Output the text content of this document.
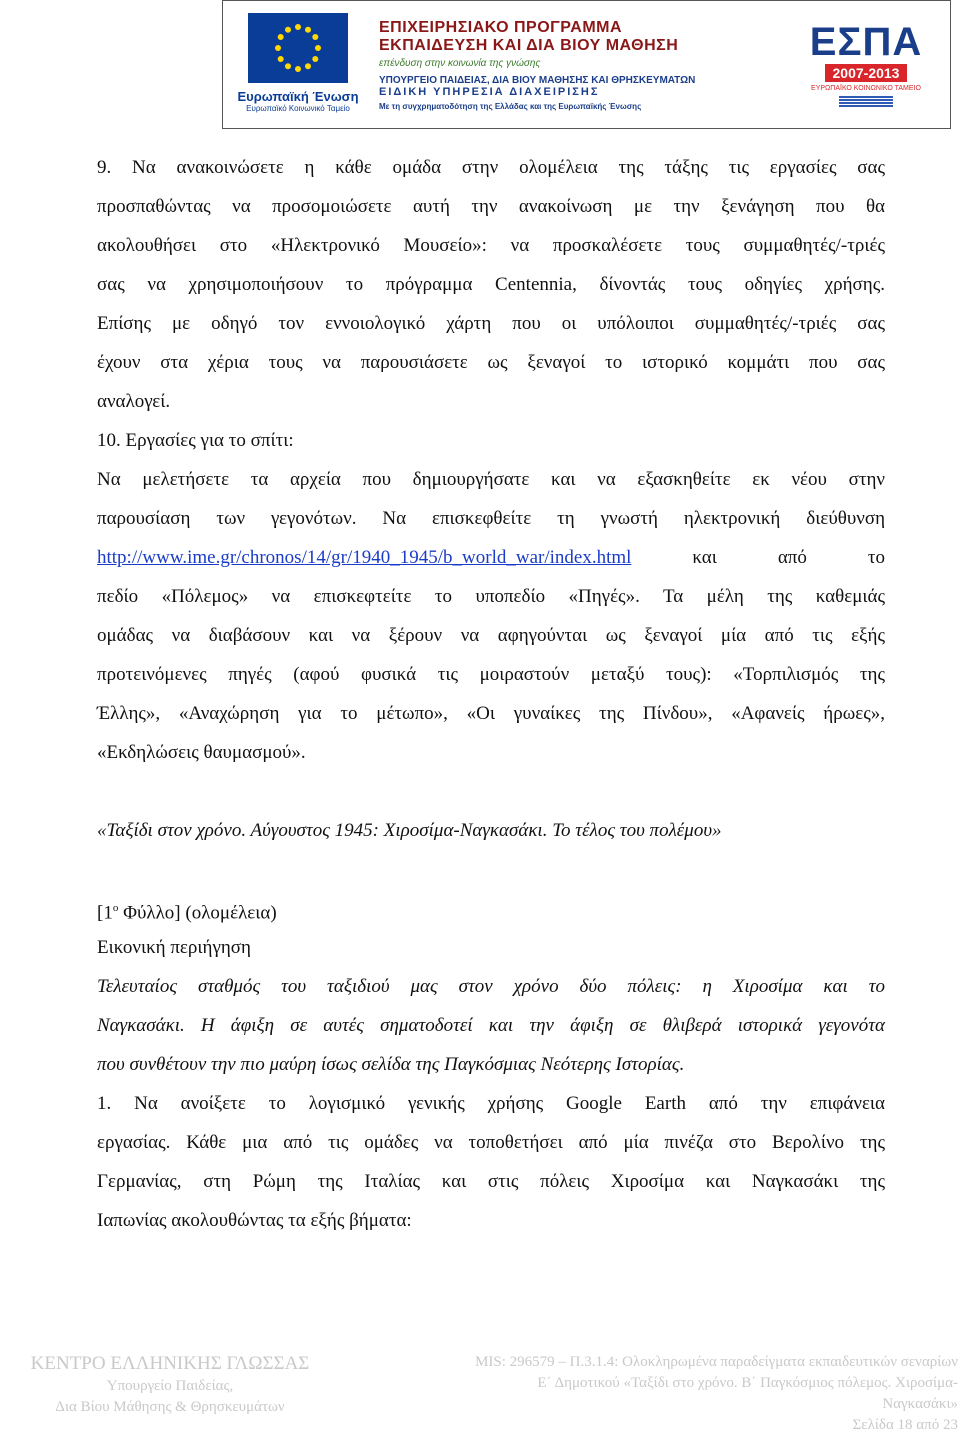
Ευρωπαϊκή Ένωση
Ευρωπαϊκό Κοινωνικό Ταμείο
ΕΠΙΧΕΙΡΗΣΙΑΚΟ ΠΡΟΓΡΑΜΜΑ
ΕΚΠΑΙΔΕΥΣΗ ΚΑΙ ΔΙΑ ΒΙΟΥ ΜΑΘΗΣΗ
επένδυση στην κοινωνία της γνώσης
ΥΠΟΥΡΓΕΙΟ ΠΑΙΔΕΙΑΣ, ΔΙΑ ΒΙΟΥ ΜΑΘΗΣΗΣ ΚΑΙ ΘΡΗΣΚΕΥΜΑΤΩΝ
ΕΙΔΙΚΗ ΥΠΗΡΕΣΙΑ ΔΙΑΧΕΙΡΙΣΗΣ
Με τη συγχρηματοδότηση της Ελλάδας και της Ευρωπαϊκής Ένωσης
ΕΣΠΑ
2007-2013
ΕΥΡΩΠΑΪΚΟ ΚΟΙΝΩΝΙΚΟ ΤΑΜΕΙΟ

9. Να ανακοινώσετε η κάθε ομάδα στην ολομέλεια της τάξης τις εργασίες σας

προσπαθώντας να προσομοιώσετε αυτή την ανακοίνωση με την ξενάγηση που θα

ακολουθήσει στο «Ηλεκτρονικό Μουσείο»: να προσκαλέσετε τους συμμαθητές/-τριές

σας να χρησιμοποιήσουν το πρόγραμμα Centennia, δίνοντάς τους οδηγίες χρήσης.

Επίσης με οδηγό τον εννοιολογικό χάρτη που οι υπόλοιποι συμμαθητές/-τριές σας

έχουν στα χέρια τους να παρουσιάσετε ως ξεναγοί το ιστορικό κομμάτι που σας

αναλογεί.

10. Εργασίες για το σπίτι:

Να μελετήσετε τα αρχεία που δημιουργήσατε και να εξασκηθείτε εκ νέου στην

παρουσίαση των γεγονότων. Να επισκεφθείτε τη γνωστή ηλεκτρονική διεύθυνση

http://www.ime.gr/chronos/14/gr/1940_1945/b_world_war/index.html	και	από	το

πεδίο «Πόλεμος» να επισκεφτείτε το υποπεδίο «Πηγές». Τα μέλη της καθεμιάς

ομάδας να διαβάσουν και να ξέρουν να αφηγούνται ως ξεναγοί μία από τις εξής

προτεινόμενες πηγές (αφού φυσικά τις μοιραστούν μεταξύ τους): «Τορπιλισμός της

Έλλης», «Αναχώρηση για το μέτωπο», «Οι γυναίκες της Πίνδου», «Αφανείς ήρωες»,

«Εκδηλώσεις θαυμασμού».

«Ταξίδι στον χρόνο. Αύγουστος 1945: Χιροσίμα-Ναγκασάκι. Το τέλος του πολέμου»

[$1^o$ Φύλλο] (ολομέλεια)

Εικονική περιήγηση

Τελευταίος σταθμός του ταξιδιού μας στον χρόνο δύο πόλεις: η Χιροσίμα και το

Ναγκασάκι. Η άφιξη σε αυτές σηματοδοτεί και την άφιξη σε θλιβερά ιστορικά γεγονότα

που συνθέτουν την πιο μαύρη ίσως σελίδα της Παγκόσμιας Νεότερης Ιστορίας.

1. Να ανοίξετε το λογισμικό γενικής χρήσης Google Earth από την επιφάνεια

εργασίας. Κάθε μια από τις ομάδες να τοποθετήσει από μία πινέζα στο Βερολίνο της

Γερμανίας, στη Ρώμη της Ιταλίας και στις πόλεις Χιροσίμα και Ναγκασάκι της

Ιαπωνίας ακολουθώντας τα εξής βήματα:

ΚΕΝΤΡΟ ΕΛΛΗΝΙΚΗΣ ΓΛΩΣΣΑΣ
Υπουργείο Παιδείας,
Δια Βίου Μάθησης & Θρησκευμάτων
MIS: 296579 – Π.3.1.4: Ολοκληρωμένα παραδείγματα εκπαιδευτικών σεναρίων
Ε΄ Δημοτικού «Ταξίδι στο χρόνο. Β΄ Παγκόσμιος πόλεμος. Χιροσίμα-
Ναγκασάκι»
Σελίδα 18 από 23
